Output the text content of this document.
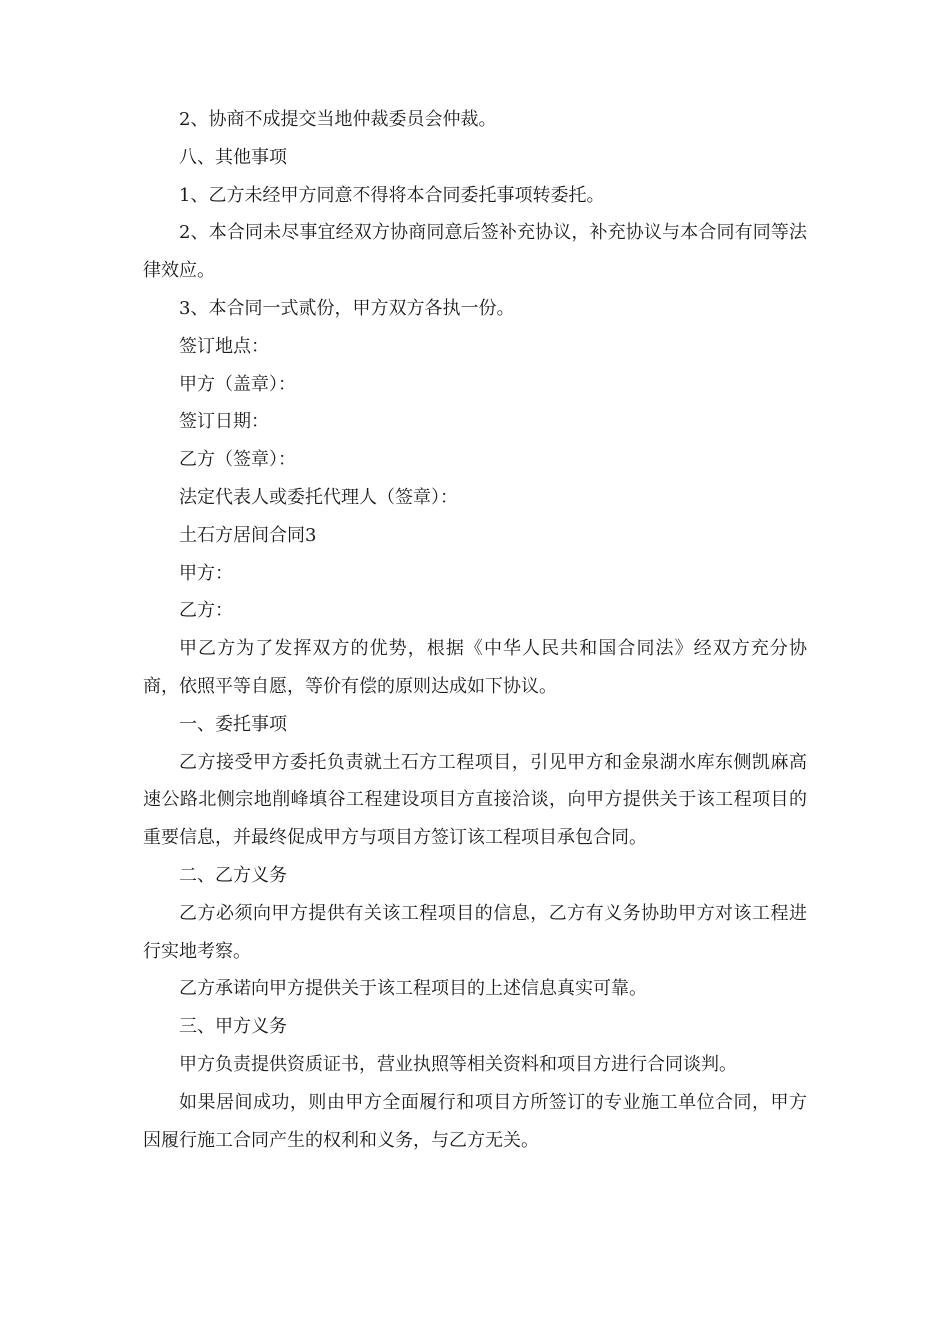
2、协商不成提交当地仲裁委员会仲裁。

八、其他事项

1、乙方未经甲方同意不得将本合同委托事项转委托。

2、本合同未尽事宜经双方协商同意后签补充协议，补充协议与本合同有同等法律效应。

3、本合同一式贰份，甲方双方各执一份。

签订地点：

甲方（盖章）：

签订日期：

乙方（签章）：

法定代表人或委托代理人（签章）：

土石方居间合同3

甲方：

乙方：

甲乙方为了发挥双方的优势，根据《中华人民共和国合同法》经双方充分协商，依照平等自愿，等价有偿的原则达成如下协议。

一、委托事项

乙方接受甲方委托负责就土石方工程项目，引见甲方和金泉湖水库东侧凯麻高速公路北侧宗地削峰填谷工程建设项目方直接洽谈，向甲方提供关于该工程项目的重要信息，并最终促成甲方与项目方签订该工程项目承包合同。

二、乙方义务

乙方必须向甲方提供有关该工程项目的信息，乙方有义务协助甲方对该工程进行实地考察。

乙方承诺向甲方提供关于该工程项目的上述信息真实可靠。

三、甲方义务

甲方负责提供资质证书，营业执照等相关资料和项目方进行合同谈判。

如果居间成功，则由甲方全面履行和项目方所签订的专业施工单位合同，甲方因履行施工合同产生的权利和义务，与乙方无关。
